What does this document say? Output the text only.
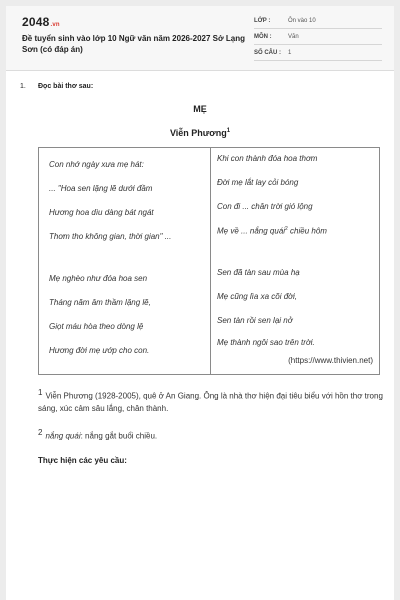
2048.vn
Đề tuyển sinh vào lớp 10 Ngữ văn năm 2026-2027 Sở Lạng Sơn (có đáp án)
LỚP :	Ôn vào 10
MÔN :	Văn
SỐ CÂU : 1
1. Đọc bài thơ sau:
MẸ
Viễn Phương$^1$
Con nhớ ngày xưa mẹ hát:
... "Hoa sen lặng lẽ dưới đầm
Hương hoa dìu dàng bát ngát
Thơm tho không gian, thời gian" ...
Mẹ nghèo như đóa hoa sen
Tháng năm âm thầm lặng lẽ,
Giọt máu hòa theo dòng lệ
Hương đời mẹ ướp cho con.
Khi con thành đóa hoa thơm
Đời mẹ lắt lay cỏi bóng
Con đi ... chân trời gió lộng
Mẹ về ... nắng quái$^2$ chiều hôm
Sen đã tàn sau mùa hạ
Mẹ cũng lìa xa cõi đời,
Sen tàn rồi sen lại nở
Mẹ thành ngôi sao trên trời.
(https://www.thivien.net)
$^1$ Viễn Phương (1928-2005), quê ở An Giang. Ông là nhà thơ hiện đại tiêu biểu với hồn thơ trong sáng, xúc cảm sâu lắng, chân thành.
$^2$ nắng quái: nắng gắt buổi chiều.
Thực hiện các yêu cầu:
